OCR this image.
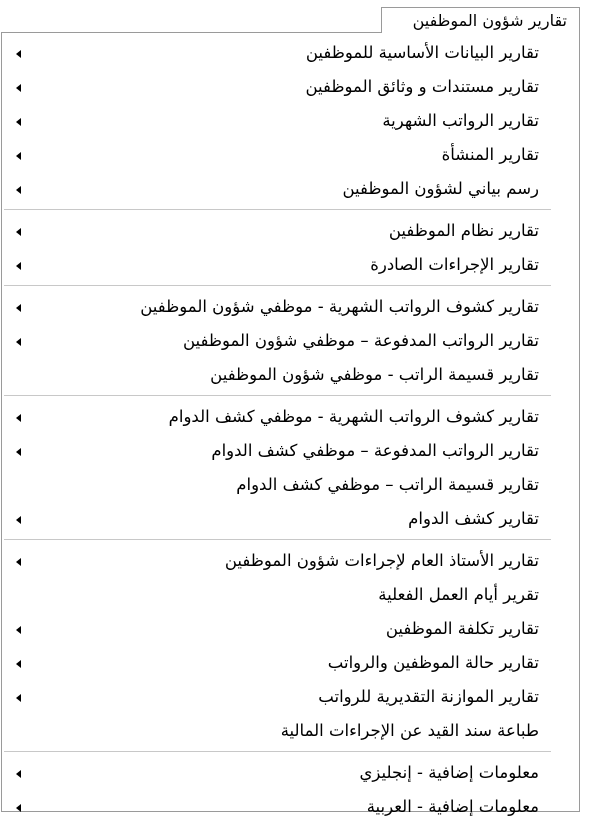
تقارير شؤون الموظفين
تقارير البيانات الأساسية للموظفين
تقارير مستندات و وثائق الموظفين
تقارير الرواتب الشهرية
تقارير المنشأة
رسم بياني لشؤون الموظفين
تقارير نظام الموظفين
تقارير الإجراءات الصادرة
تقارير كشوف الرواتب الشهرية - موظفي شؤون الموظفين
تقارير الرواتب المدفوعة – موظفي شؤون الموظفين
تقارير قسيمة الراتب - موظفي شؤون الموظفين
تقارير كشوف الرواتب الشهرية - موظفي كشف الدوام
تقارير الرواتب المدفوعة – موظفي كشف الدوام
تقارير قسيمة الراتب – موظفي كشف الدوام
تقارير كشف الدوام
تقارير الأستاذ العام لإجراءات شؤون الموظفين
تقرير أيام العمل الفعلية
تقارير تكلفة الموظفين
تقارير حالة الموظفين والرواتب
تقارير الموازنة التقديرية للرواتب
طباعة سند القيد عن الإجراءات المالية
معلومات إضافية - إنجليزي
معلومات إضافية - العربية
